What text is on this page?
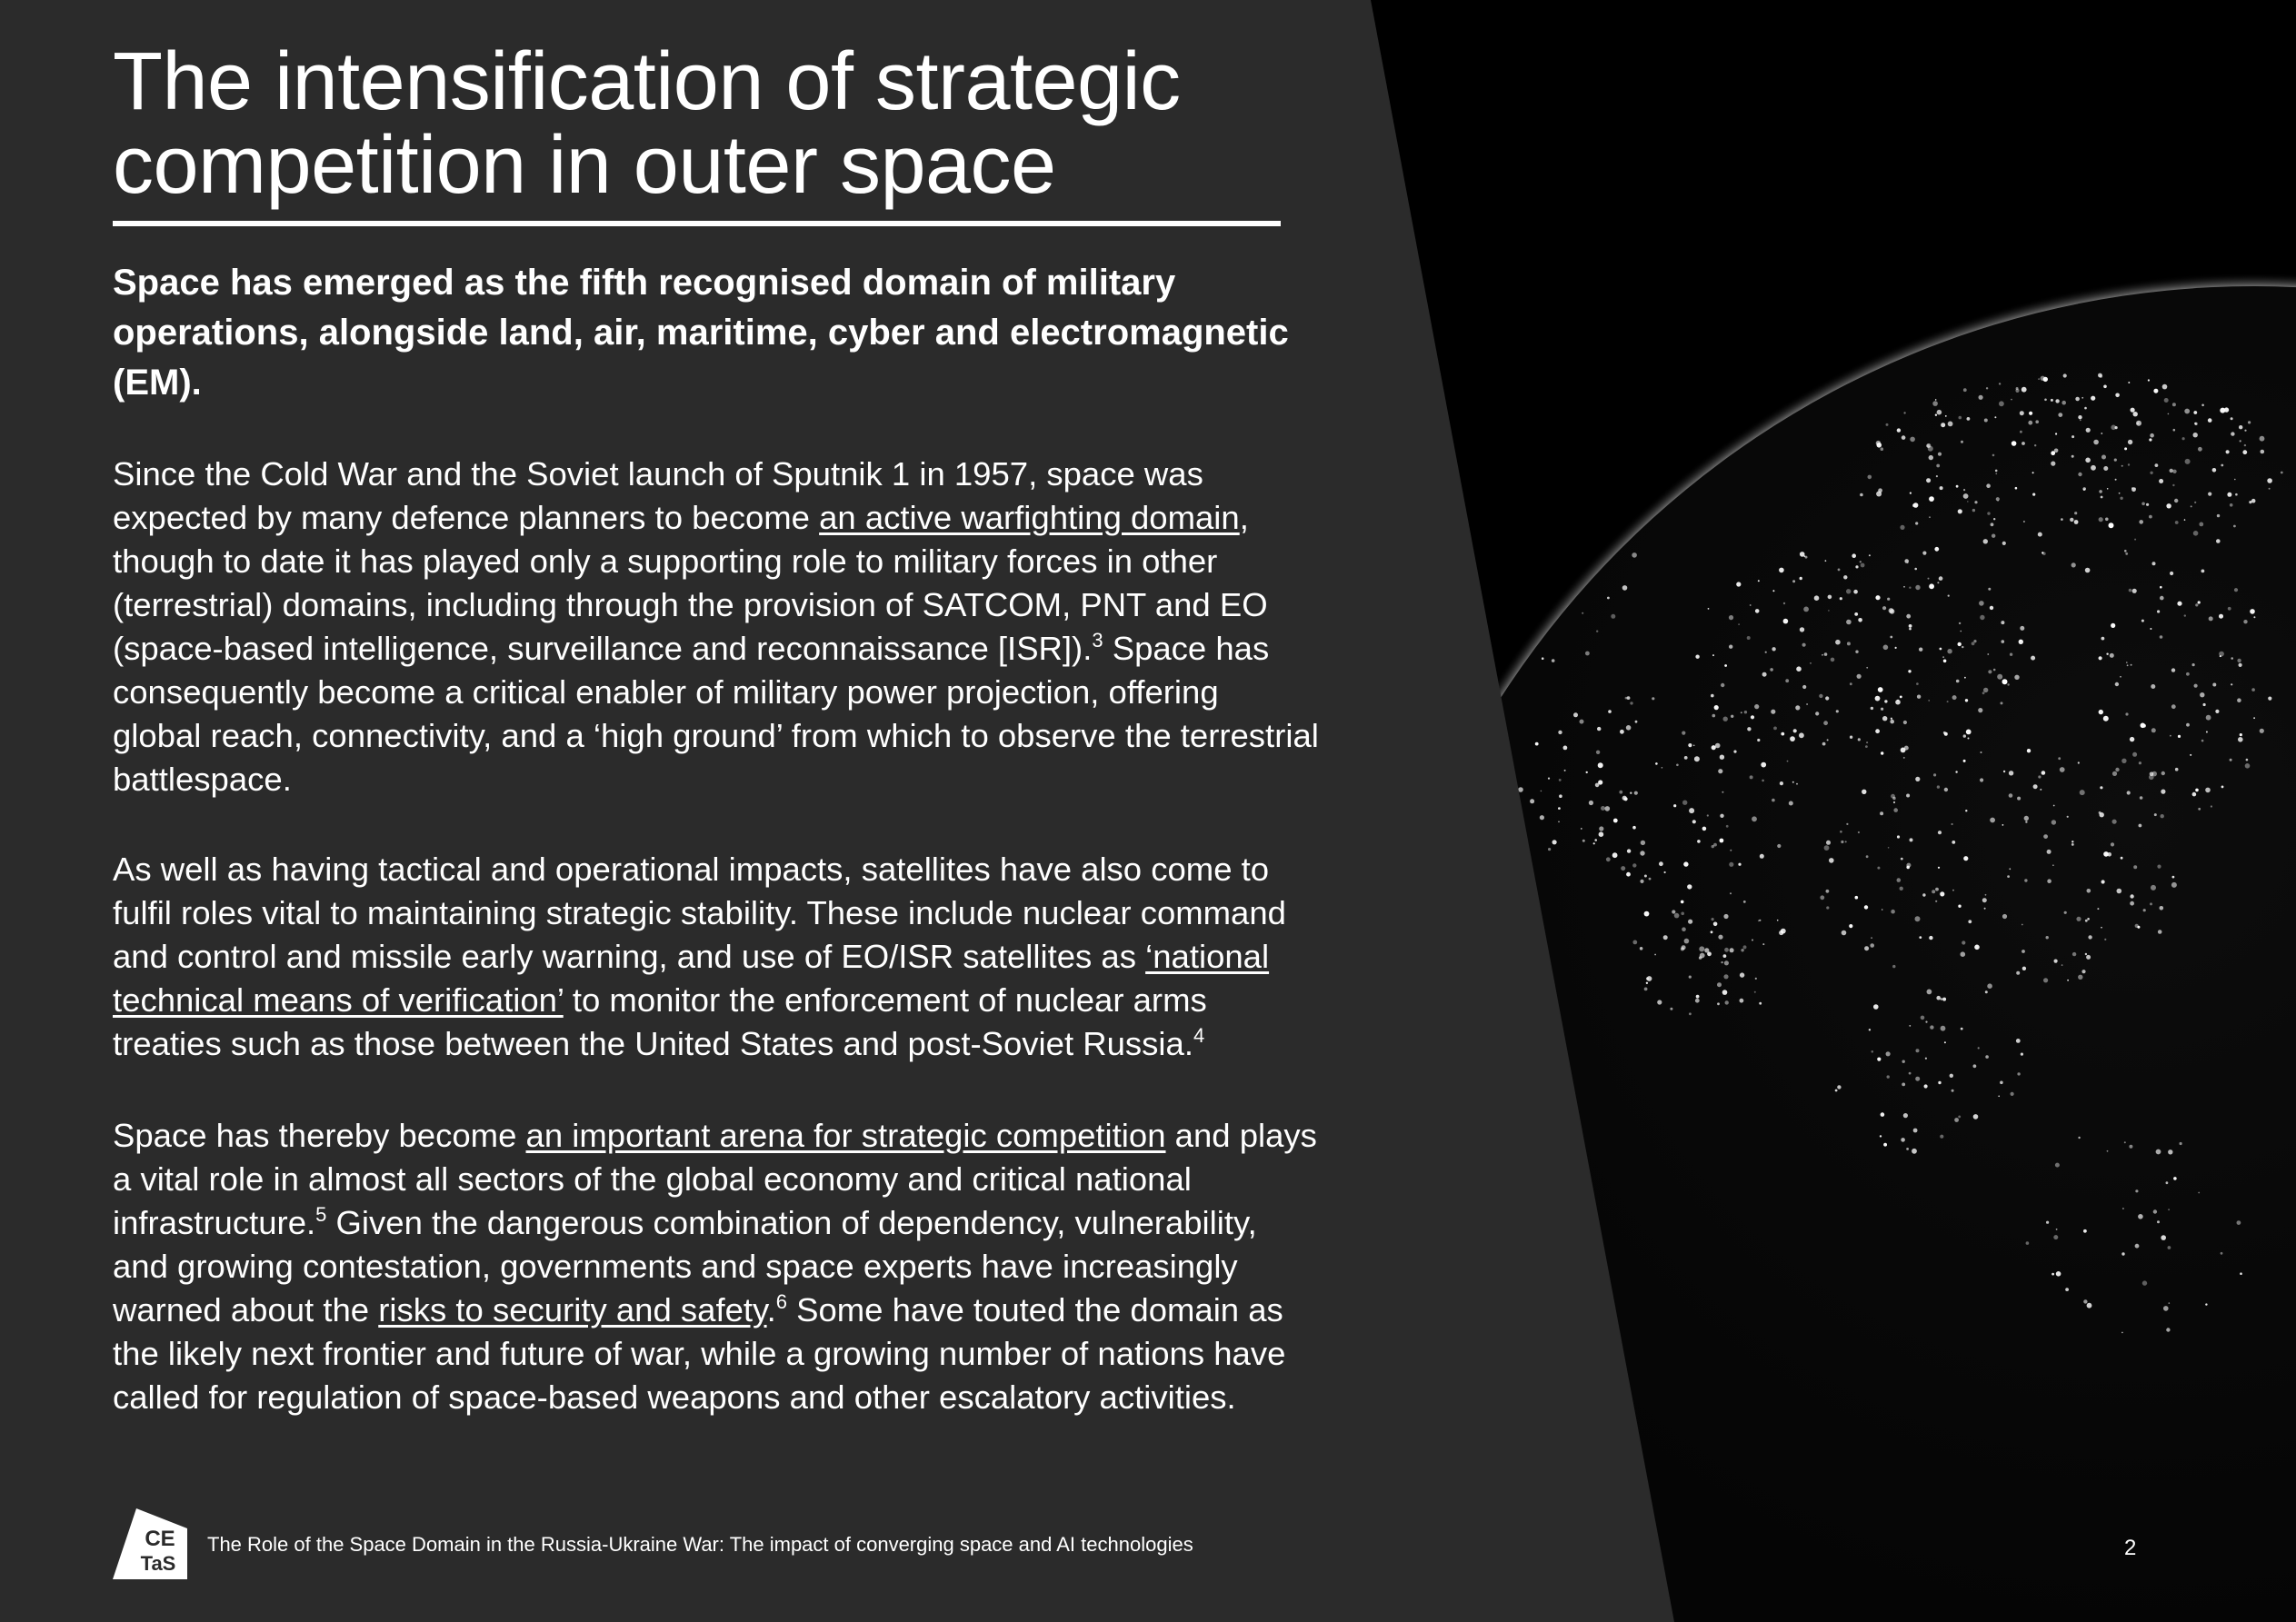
The intensification of strategic
competition in outer space

Space has emerged as the fifth recognised domain of military
operations, alongside land, air, maritime, cyber and electromagnetic
(EM).

Since the Cold War and the Soviet launch of Sputnik 1 in 1957, space was
expected by many defence planners to become an active warfighting domain,
though to date it has played only a supporting role to military forces in other
(terrestrial) domains, including through the provision of SATCOM, PNT and EO
(space-based intelligence, surveillance and reconnaissance [ISR]).$^3$ Space has
consequently become a critical enabler of military power projection, offering
global reach, connectivity, and a ‘high ground’ from which to observe the terrestrial
battlespace.

As well as having tactical and operational impacts, satellites have also come to
fulfil roles vital to maintaining strategic stability. These include nuclear command
and control and missile early warning, and use of EO/ISR satellites as ‘national
technical means of verification’ to monitor the enforcement of nuclear arms
treaties such as those between the United States and post-Soviet Russia.$^4$

Space has thereby become an important arena for strategic competition and plays
a vital role in almost all sectors of the global economy and critical national
infrastructure.$^5$ Given the dangerous combination of dependency, vulnerability,
and growing contestation, governments and space experts have increasingly
warned about the risks to security and safety.$^6$ Some have touted the domain as
the likely next frontier and future of war, while a growing number of nations have
called for regulation of space-based weapons and other escalatory activities.

CE
TaS

The Role of the Space Domain in the Russia-Ukraine War: The impact of converging space and AI technologies	2
